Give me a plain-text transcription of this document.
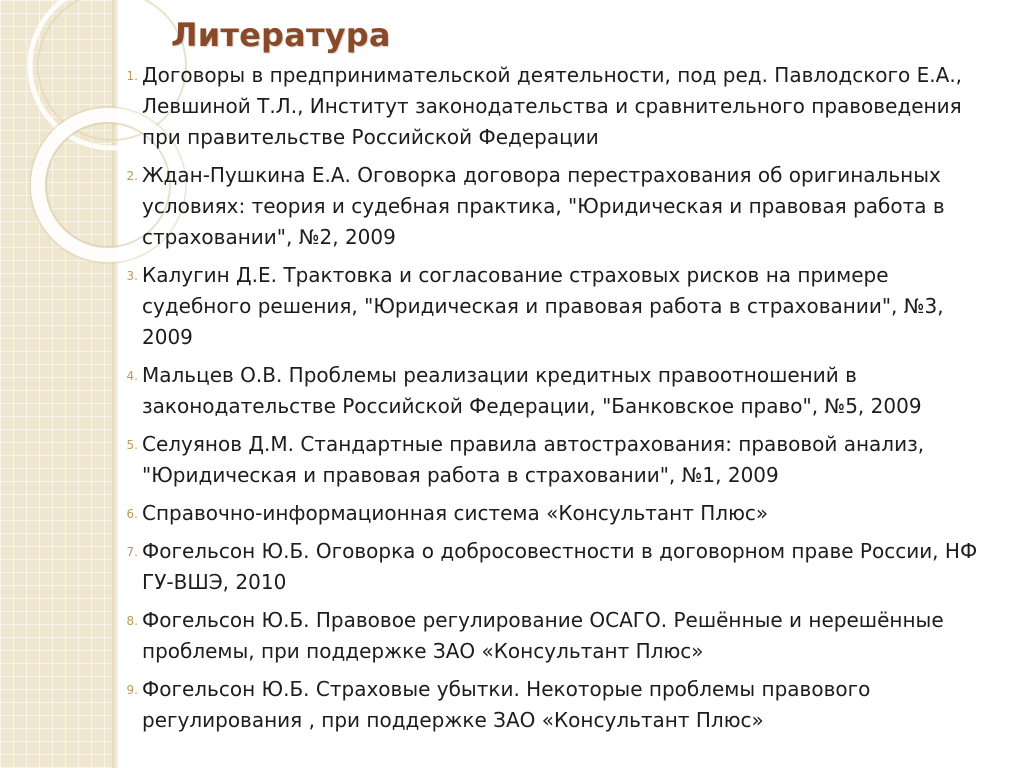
Литература
1. Договоры в предпринимательской деятельности, под ред. Павлодского Е.А., Левшиной Т.Л., Институт законодательства и сравнительного правоведения при правительстве Российской Федерации
2. Ждан-Пушкина Е.А. Оговорка договора перестрахования об оригинальных условиях: теория и судебная практика, "Юридическая и правовая работа в страховании", №2, 2009
3. Калугин Д.Е. Трактовка и согласование страховых рисков на примере судебного решения, "Юридическая и правовая работа в страховании", №3, 2009
4. Мальцев О.В. Проблемы реализации кредитных правоотношений в законодательстве Российской Федерации, "Банковское право", №5, 2009
5. Селуянов Д.М. Стандартные правила автострахования: правовой анализ, "Юридическая и правовая работа в страховании", №1, 2009
6. Справочно-информационная система «Консультант Плюс»
7. Фогельсон Ю.Б. Оговорка о добросовестности в договорном праве России, НФ ГУ-ВШЭ, 2010
8. Фогельсон Ю.Б. Правовое регулирование ОСАГО. Решённые и нерешённые проблемы, при поддержке ЗАО «Консультант Плюс»
9. Фогельсон Ю.Б. Страховые убытки. Некоторые проблемы правового регулирования , при поддержке ЗАО «Консультант Плюс»
